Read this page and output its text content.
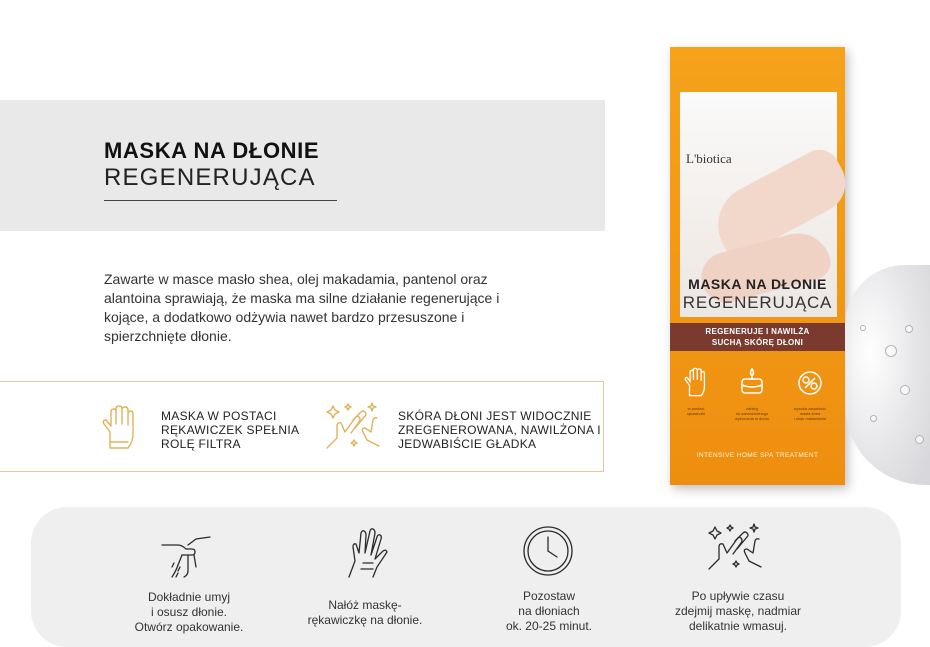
MASKA NA DŁONIE
REGENERUJĄCA
Zawarte w masce masło shea, olej makadamia, pantenol oraz alantoina sprawiają, że maska ma silne działanie regenerujące i kojące, a dodatkowo odżywia nawet bardzo przesuszone i spierzchnięte dłonie.
MASKA W POSTACI RĘKAWICZEK SPEŁNIA ROLĘ FILTRA
SKÓRA DŁONI JEST WIDOCZNIE ZREGENEROWANA, NAWILŻONA I JEDWABIŚCIE GŁADKA
L'biotica
MASKA NA DŁONIE
REGENERUJĄCA
REGENERUJE I NAWILŻA
SUCHĄ SKÓRĘ DŁONI
w postaci
rękawiczki
zabieg
do samodzielnego
wykonania w domu
wysoka zawartość
masła shea
i oleju makadamia
INTENSIVE HOME SPA TREATMENT
Dokładnie umyj
i osusz dłonie.
Otwórz opakowanie.
Nałóż maskę-
rękawiczkę na dłonie.
Pozostaw
na dłoniach
ok. 20-25 minut.
Po upływie czasu
zdejmij maskę, nadmiar
delikatnie wmasuj.
